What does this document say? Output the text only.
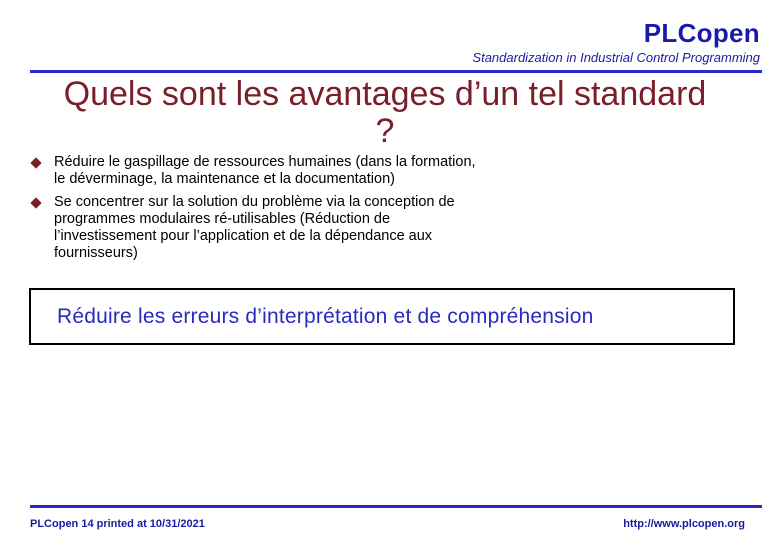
PLCopen
Standardization in Industrial Control Programming
Quels sont les avantages d’un tel standard ?
Réduire le gaspillage de ressources humaines (dans la formation, le déverminage, la maintenance et la documentation)
Se concentrer sur la solution du problème via la conception de programmes modulaires ré-utilisables (Réduction de l’investissement pour l’application et de la dépendance aux fournisseurs)
Réduire les erreurs d’interprétation et de compréhension
PLCopen 14 printed at 10/31/2021	http://www.plcopen.org
